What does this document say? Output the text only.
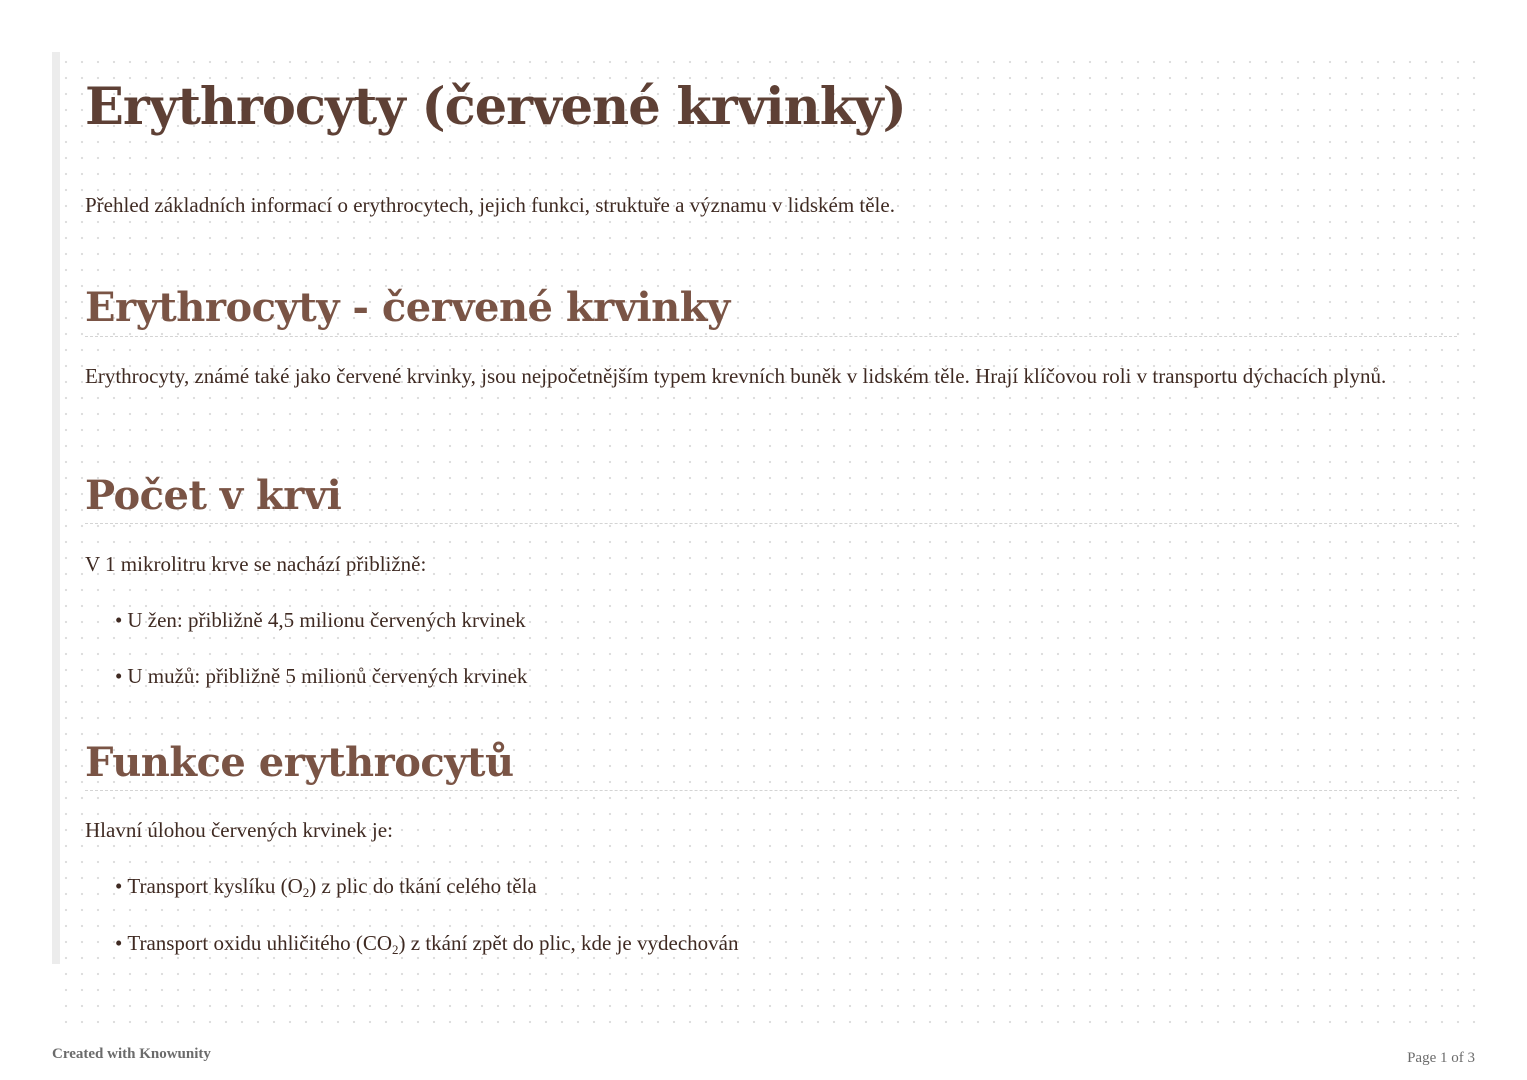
Erythrocyty (červené krvinky)

Přehled základních informací o erythrocytech, jejich funkci, struktuře a významu v lidském těle.

Erythrocyty - červené krvinky

Erythrocyty, známé také jako červené krvinky, jsou nejpočetnějším typem krevních buněk v lidském těle. Hrají klíčovou roli v transportu dýchacích plynů.

Počet v krvi

V 1 mikrolitru krve se nachází přibližně:

• U žen: přibližně 4,5 milionu červených krvinek

• U mužů: přibližně 5 milionů červených krvinek

Funkce erythrocytů

Hlavní úlohou červených krvinek je:

• Transport kyslíku $(O_2)$ z plic do tkání celého těla

• Transport oxidu uhličitého $(CO_2)$ z tkání zpět do plic, kde je vydechován

Created with Knowunity	Page 1 of 3
